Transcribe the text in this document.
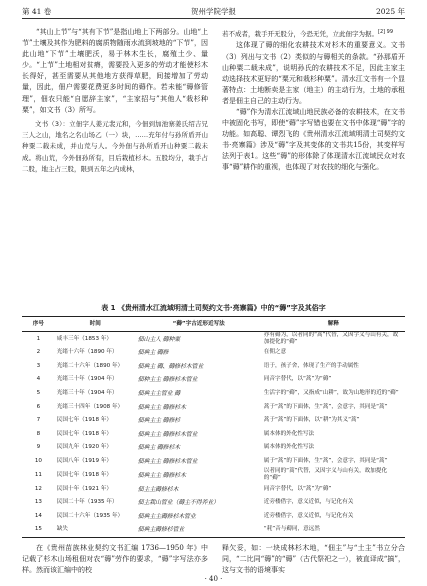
第 41 卷	贺州学院学报	2025 年

“其山上节”与“其有下节”是指山地上下两部分。山地“上节”土壤及其作为肥料的腐质物随雨水流到坡地的“下节”，因此山地“下节”土壤肥沃，易于林木生长，腐殖土少、量少。“上节”土地相对贫瘠，需要投入更多的劳动才能使杉木长得好，甚至需要从其他地方获得草肥，间接增加了劳动量，因此，佃户需要花费更多时间的薅作。若未能“薅修管理”，佃农只能“自愿辞主家”，“主家招与”其他人“栽杉种粟”，如文书（3）所写。

文书（3）：立佃字人姜元裴元和，今佃到加池寨姜氏绍吉兄三人之山，地名之名山场乙（一）块，……充年付与孙所盾开山种粟二载未成，并山荒与人。今外佃与孙所盾开山种粟二载未成。将山荒，今外佃孙所有，目后栽植杉木。五股均分，栽手占二股，地主占三股，限到五年之内成林，

若不成者，栽手开无股分，今恐无凭，立此佃字为据。$^{[2] 99}$

这体现了薅的细化农耕技术对杉木的重要意义。文书（3）列出与文书（2）类似的与薅相关的条款。“孙那盾开山种粟二载未成”，说明孙氏的农耕技术不足，因此主家主动选择技术更好的“粟元和栽杉种粟”。清水江文书有一个显著特点：土地断卖是主家（地主）的主动行为，土地的承租者是佃主自己的主动行为。

“薅”作为清水江流域山地民族必备的农耕技术，在文书中被固化书写，即使“薅”字写错也要在文书中体现“薅”字的功能。如高聪、谭烈飞的《贵州清水江流域明清土司契约文书·亮寨篇》涉及“薅”字及其变体的文书共15份，其变样写法列于表1。这些“薅”的形体除了体现清水江流域民众对农事“薅”耕作的重视，也体现了对农技的细化与强化。

表 1 《贵州清水江流域明清土司契约文书·亮寨篇》中的“薅”字及其俗字
序号	时间	“薅”字古近形近写法	解释
1	咸丰三年（1853 年）	佃山主人 薅种粟	亦有薅为，以者同的“蒿”代替，又因字义与山有关，故加提化的“薅”
2	光绪十六年（1890 年）	佃典主 薅修	在佣之意
3	光绪二十六年（1890 年）	佃典主 薅、薅修杉木管业	语于，孩子舍，体现了生产的手动属性
4	光绪三十年（1904 年）	佃种主主 薅修杉木管业	同音字替代，以“蒿”为“薅”
5	光绪三十年（1904 年）	佃典主主管业 薅	生活字的“薅”，又指成“山耕”，故为山地形的近的“薅”
6	光绪三十四年（1908 年）	佃典主主 薅修杉木	蒿于“蒿”的下面体，生“蒿”，会意字，其同是“蒿”
7	民国七年（1918 年）	佃典主主 薅修杉	蒿于“蒿”的下面体，以“耕”为其义“蒿”
8	民国七年（1918 年）	佃典主主 薅修杉木管业	属本体的外化性写法
9	民国九年（1920 年）	佃典主 薅修杉木	属本体的外化性写法
10	民国八年（1919 年）	佃典主主 薅修杉木管业	属于“蒿”的下面体，生“蒿”，会意字，其同是“蒿”
11	民国七年（1918 年）	佃典主主 薅修杉木	以者同的“蒿”代替，又因字义与山有关，故加提化的“薅”
12	民国十年（1921 年）	佃主主薅修杉木	同音字替代，以“蒿”为“薅”
13	民国二十年（1935 年）	佃主栽山管业（薅主不得养业）	近旁楼借字，意义近似，与记化有关
14	民国二十六年（1935 年）	佃典主主薅修杉木管业	近旁楼借字，意义近似，与记化有关
15	缺失	佃典主薅修杉管业	“耗”音与薅同，意远然

在《贵州苗族林业契约文书汇编 1736—1950 年》中记载了杉木山场租佃对农“薅”劳作的要求，“薅”字写法亦多样。然而该汇编中的校

释欠妥，如：一块成林杉木地，“佃主”与“土主”书立分合同，“二比同“薅”的“薅”（古代祭祀之一），被直译成“搞”，这与文书的语境事实

· 40 ·
